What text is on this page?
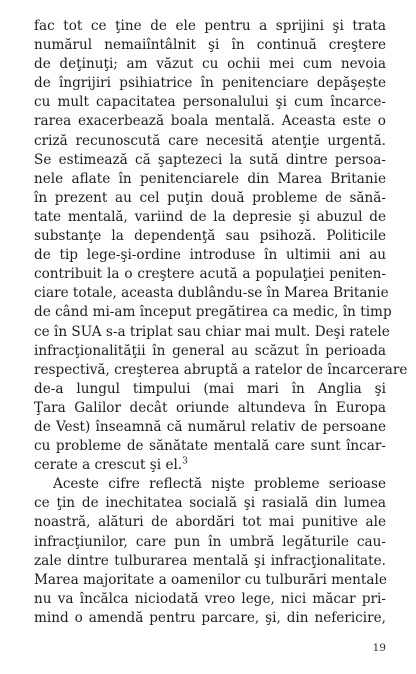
fac tot ce ţine de ele pentru a sprijini şi trata
numărul nemaiîntâlnit şi în continuă creştere
de deţinuţi; am văzut cu ochii mei cum nevoia
de îngrijiri psihiatrice în penitenciare depăşește
cu mult capacitatea personalului şi cum încarce-
rarea exacerbează boala mentală. Aceasta este o
criză recunoscută care necesită atenţie urgentă.
Se estimează că şaptezeci la sută dintre persoa-
nele aflate în penitenciarele din Marea Britanie
în prezent au cel puţin două probleme de sănă-
tate mentală, variind de la depresie şi abuzul de
substanţe la dependenţă sau psihoză. Politicile
de tip lege-şi-ordine introduse în ultimii ani au
contribuit la o creştere acută a populaţiei peniten-
ciare totale, aceasta dublându-se în Marea Britanie
de când mi-am început pregătirea ca medic, în timp
ce în SUA s-a triplat sau chiar mai mult. Deşi ratele
infracţionalităţii în general au scăzut în perioada
respectivă, creşterea abruptă a ratelor de încarcerare
de-a lungul timpului (mai mari în Anglia şi
Ţara Galilor decât oriunde altundeva în Europa
de Vest) înseamnă că numărul relativ de persoane
cu probleme de sănătate mentală care sunt încar-
cerate a crescut şi el.$^3$
Aceste cifre reflectă nişte probleme serioase
ce ţin de inechitatea socială şi rasială din lumea
noastră, alături de abordări tot mai punitive ale
infracţiunilor, care pun în umbră legăturile cau-
zale dintre tulburarea mentală şi infracţionalitate.
Marea majoritate a oamenilor cu tulburări mentale
nu va încălca niciodată vreo lege, nici măcar pri-
mind o amendă pentru parcare, şi, din nefericire,
19
